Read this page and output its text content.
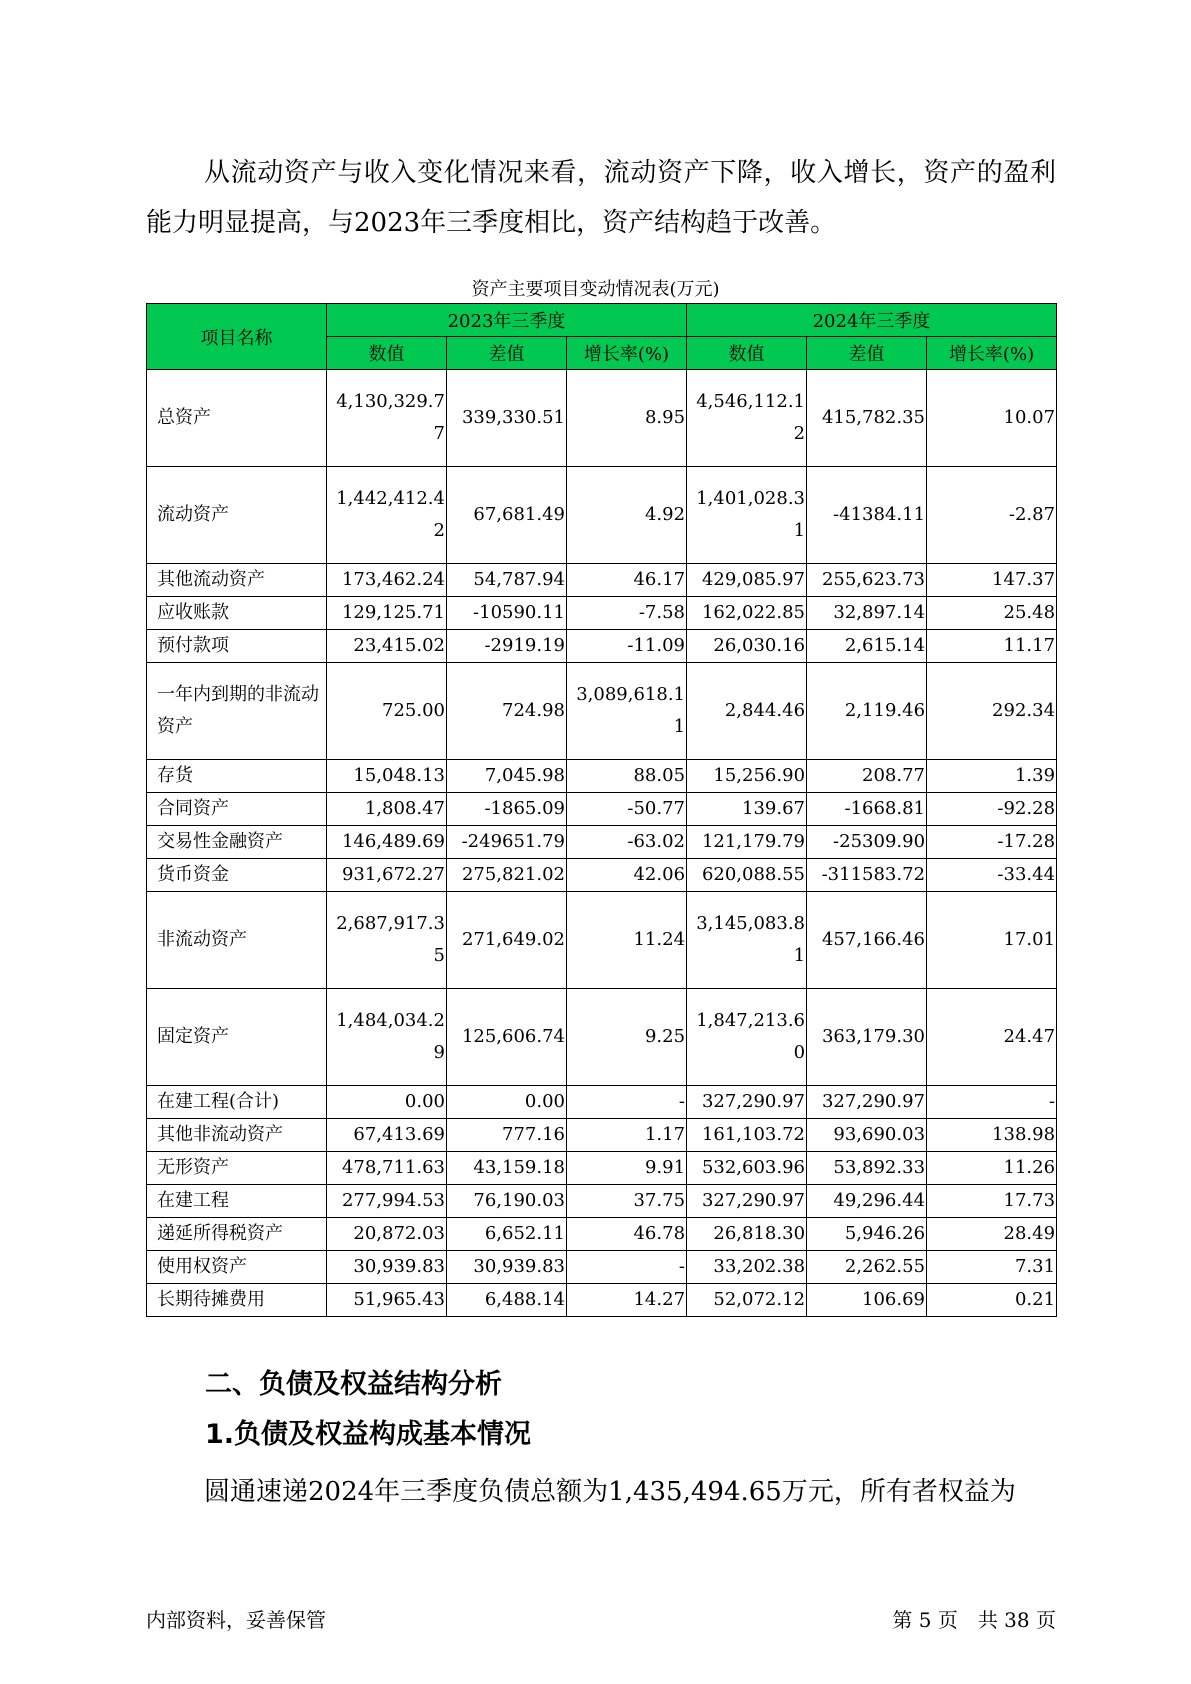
从流动资产与收入变化情况来看，流动资产下降，收入增长，资产的盈利能力明显提高，与2023年三季度相比，资产结构趋于改善。

资产主要项目变动情况表(万元)
项目名称	2023年三季度			2024年三季度		
	数值	差值	增长率(%)	数值	差值	增长率(%)
总资产	4,130,329.77	339,330.51	8.95	4,546,112.12	415,782.35	10.07
流动资产	1,442,412.42	67,681.49	4.92	1,401,028.31	-41384.11	-2.87
其他流动资产	173,462.24	54,787.94	46.17	429,085.97	255,623.73	147.37
应收账款	129,125.71	-10590.11	-7.58	162,022.85	32,897.14	25.48
预付款项	23,415.02	-2919.19	-11.09	26,030.16	2,615.14	11.17
一年内到期的非流动资产	725.00	724.98	3,089,618.11	2,844.46	2,119.46	292.34
存货	15,048.13	7,045.98	88.05	15,256.90	208.77	1.39
合同资产	1,808.47	-1865.09	-50.77	139.67	-1668.81	-92.28
交易性金融资产	146,489.69	-249651.79	-63.02	121,179.79	-25309.90	-17.28
货币资金	931,672.27	275,821.02	42.06	620,088.55	-311583.72	-33.44
非流动资产	2,687,917.35	271,649.02	11.24	3,145,083.81	457,166.46	17.01
固定资产	1,484,034.29	125,606.74	9.25	1,847,213.60	363,179.30	24.47
在建工程(合计)	0.00	0.00	-	327,290.97	327,290.97	-
其他非流动资产	67,413.69	777.16	1.17	161,103.72	93,690.03	138.98
无形资产	478,711.63	43,159.18	9.91	532,603.96	53,892.33	11.26
在建工程	277,994.53	76,190.03	37.75	327,290.97	49,296.44	17.73
递延所得税资产	20,872.03	6,652.11	46.78	26,818.30	5,946.26	28.49
使用权资产	30,939.83	30,939.83	-	33,202.38	2,262.55	7.31
长期待摊费用	51,965.43	6,488.14	14.27	52,072.12	106.69	0.21
二、负债及权益结构分析
1.负债及权益构成基本情况

圆通速递2024年三季度负债总额为1,435,494.65万元，所有者权益为

内部资料，妥善保管	第 5 页　共 38 页
